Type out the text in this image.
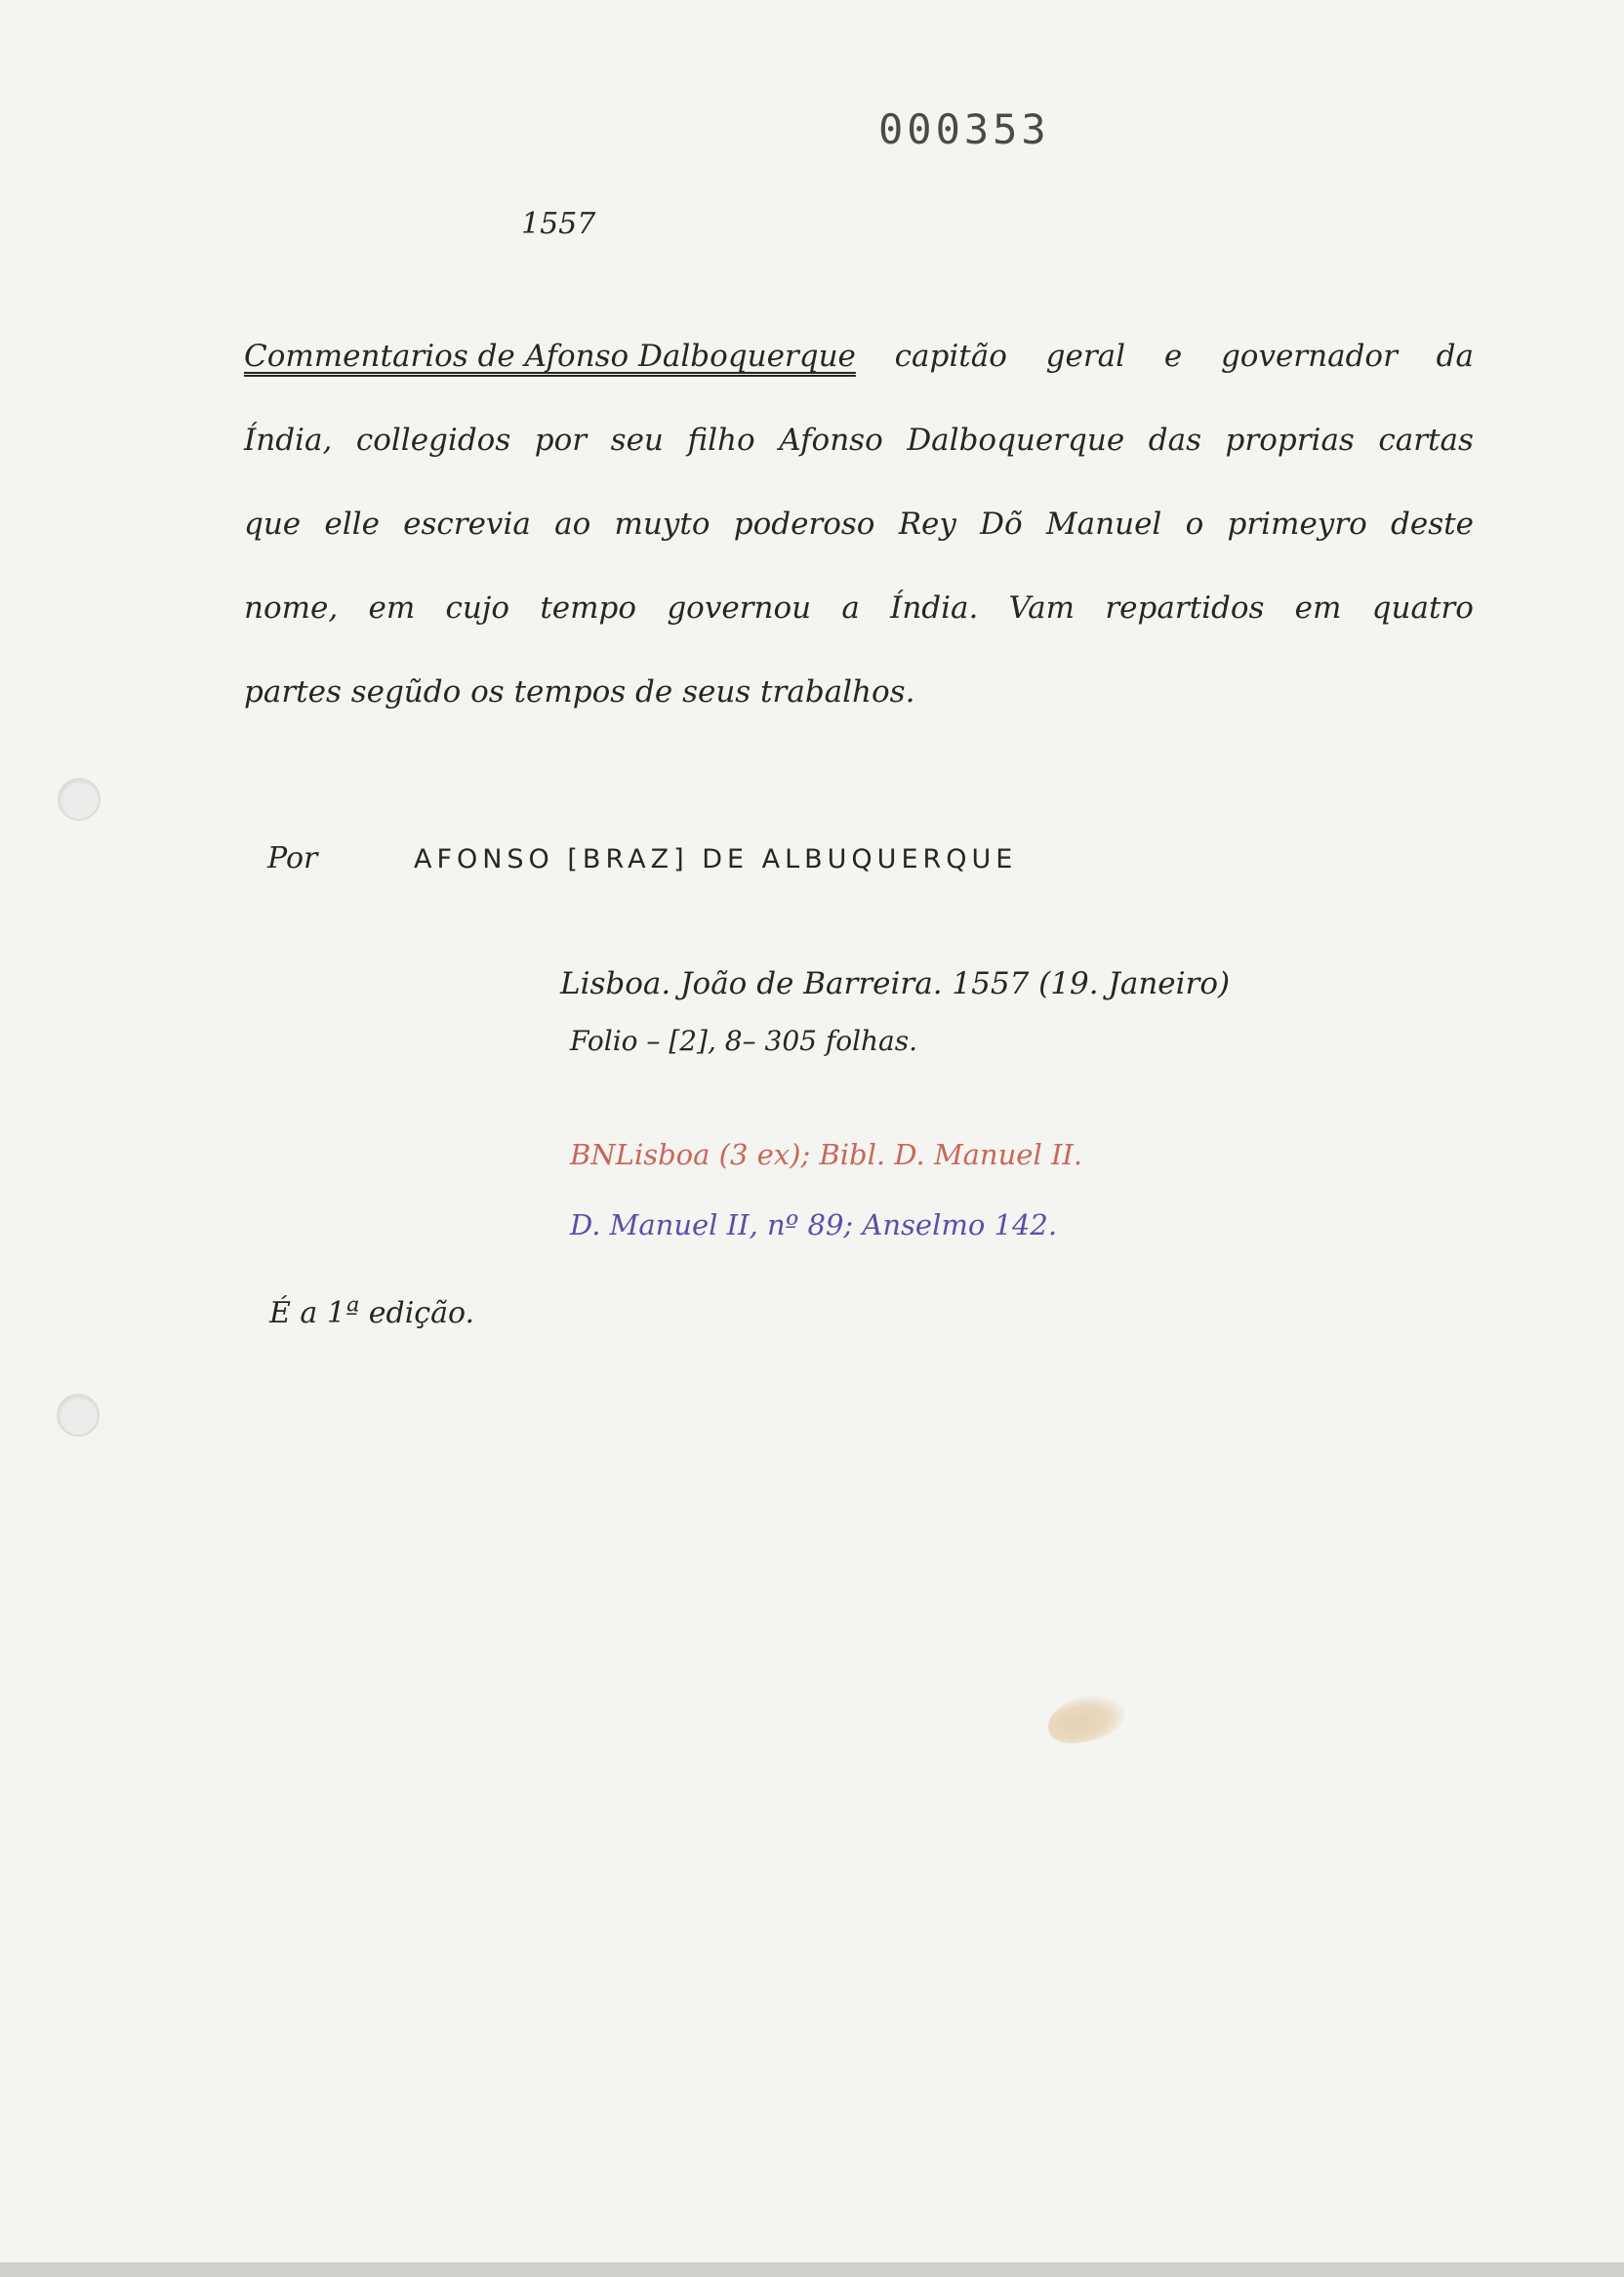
000353
1557
Commentarios de Afonso Dalboquerque capitão geral e governador da
Índia, collegidos por seu filho Afonso Dalboquerque das proprias cartas
que elle escrevia ao muyto poderoso Rey Dõ Manuel o primeyro deste
nome, em cujo tempo governou a Índia. Vam repartidos em quatro
partes segũdo os tempos de seus trabalhos.
Por	AFONSO [BRAZ] DE ALBUQUERQUE
Lisboa. João de Barreira. 1557 (19. Janeiro)
Folio – [2], 8– 305 folhas.
BNLisboa (3 ex); Bibl. D. Manuel II.
D. Manuel II, nº 89; Anselmo 142.
É a 1ª edição.
